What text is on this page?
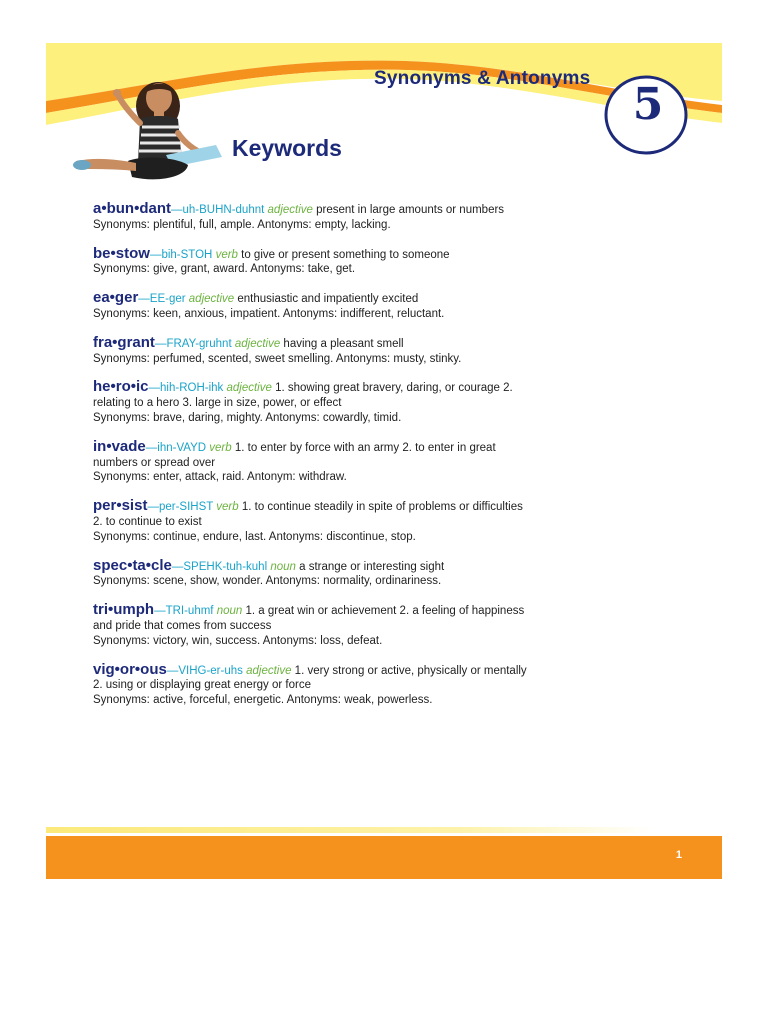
Synonyms & Antonyms
5
Keywords
a•bun•dant—uh-BUHN-duhnt adjective present in large amounts or numbers
Synonyms: plentiful, full, ample. Antonyms: empty, lacking.
be•stow—bih-STOH verb to give or present something to someone
Synonyms: give, grant, award. Antonyms: take, get.
ea•ger—EE-ger adjective enthusiastic and impatiently excited
Synonyms: keen, anxious, impatient. Antonyms: indifferent, reluctant.
fra•grant—FRAY-gruhnt adjective having a pleasant smell
Synonyms: perfumed, scented, sweet smelling. Antonyms: musty, stinky.
he•ro•ic—hih-ROH-ihk adjective 1. showing great bravery, daring, or courage 2. relating to a hero 3. large in size, power, or effect
Synonyms: brave, daring, mighty. Antonyms: cowardly, timid.
in•vade—ihn-VAYD verb 1. to enter by force with an army 2. to enter in great numbers or spread over
Synonyms: enter, attack, raid. Antonym: withdraw.
per•sist—per-SIHST verb 1. to continue steadily in spite of problems or difficulties 2. to continue to exist
Synonyms: continue, endure, last. Antonyms: discontinue, stop.
spec•ta•cle—SPEHK-tuh-kuhl noun a strange or interesting sight
Synonyms: scene, show, wonder. Antonyms: normality, ordinariness.
tri•umph—TRI-uhmf noun 1. a great win or achievement 2. a feeling of happiness and pride that comes from success
Synonyms: victory, win, success. Antonyms: loss, defeat.
vig•or•ous—VIHG-er-uhs adjective 1. very strong or active, physically or mentally 2. using or displaying great energy or force
Synonyms: active, forceful, energetic. Antonyms: weak, powerless.
1
